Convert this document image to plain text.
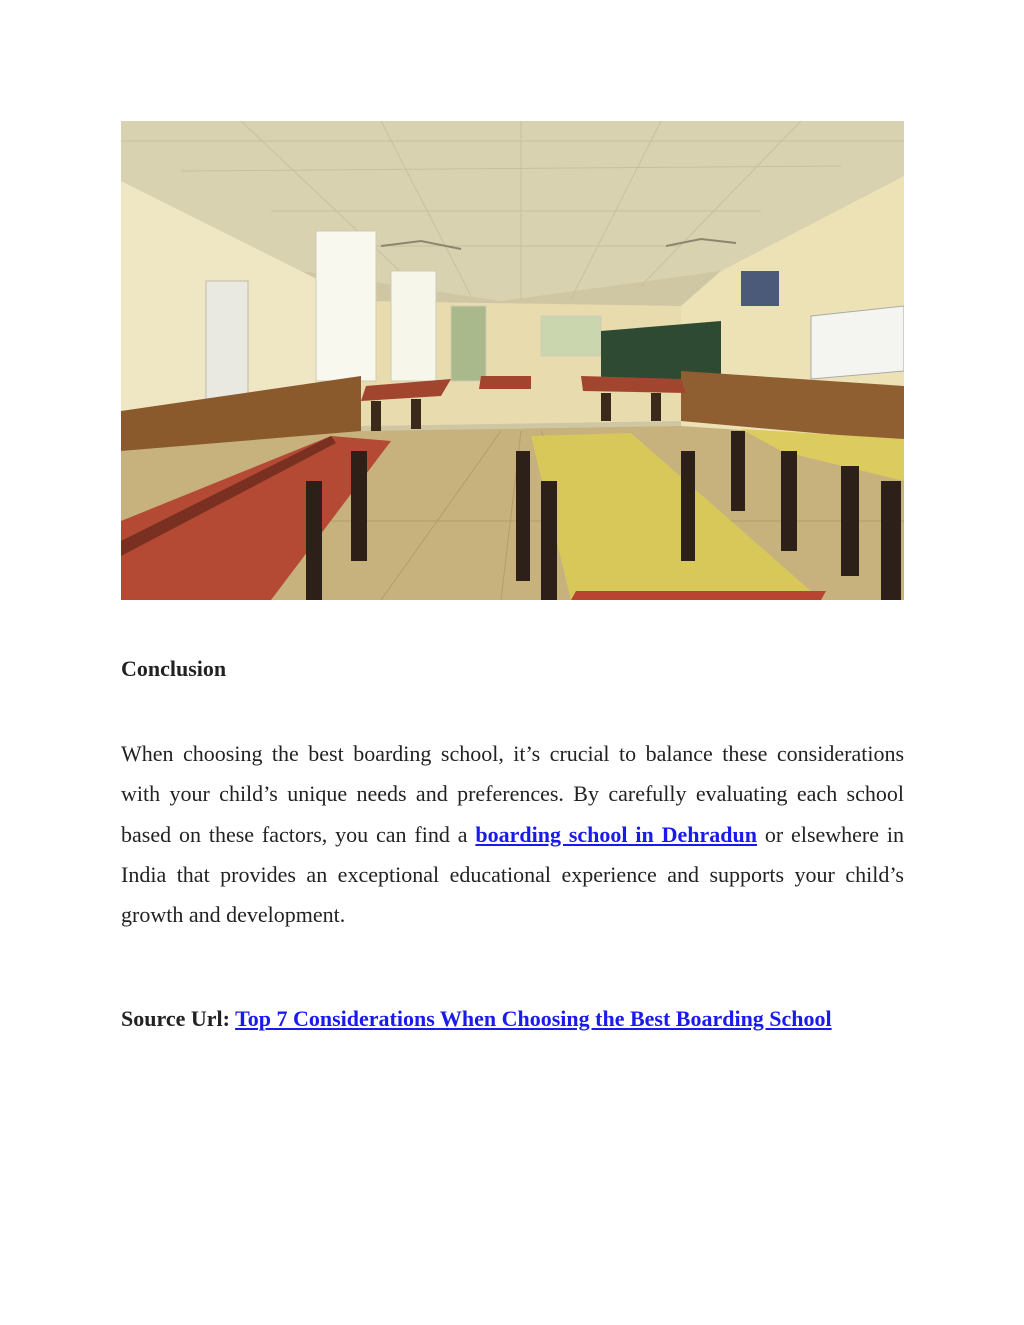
Conclusion
When choosing the best boarding school, it’s crucial to balance these considerations with your child’s unique needs and preferences. By carefully evaluating each school based on these factors, you can find a boarding school in Dehradun or elsewhere in India that provides an exceptional educational experience and supports your child’s growth and development.
Source Url: Top 7 Considerations When Choosing the Best Boarding School
